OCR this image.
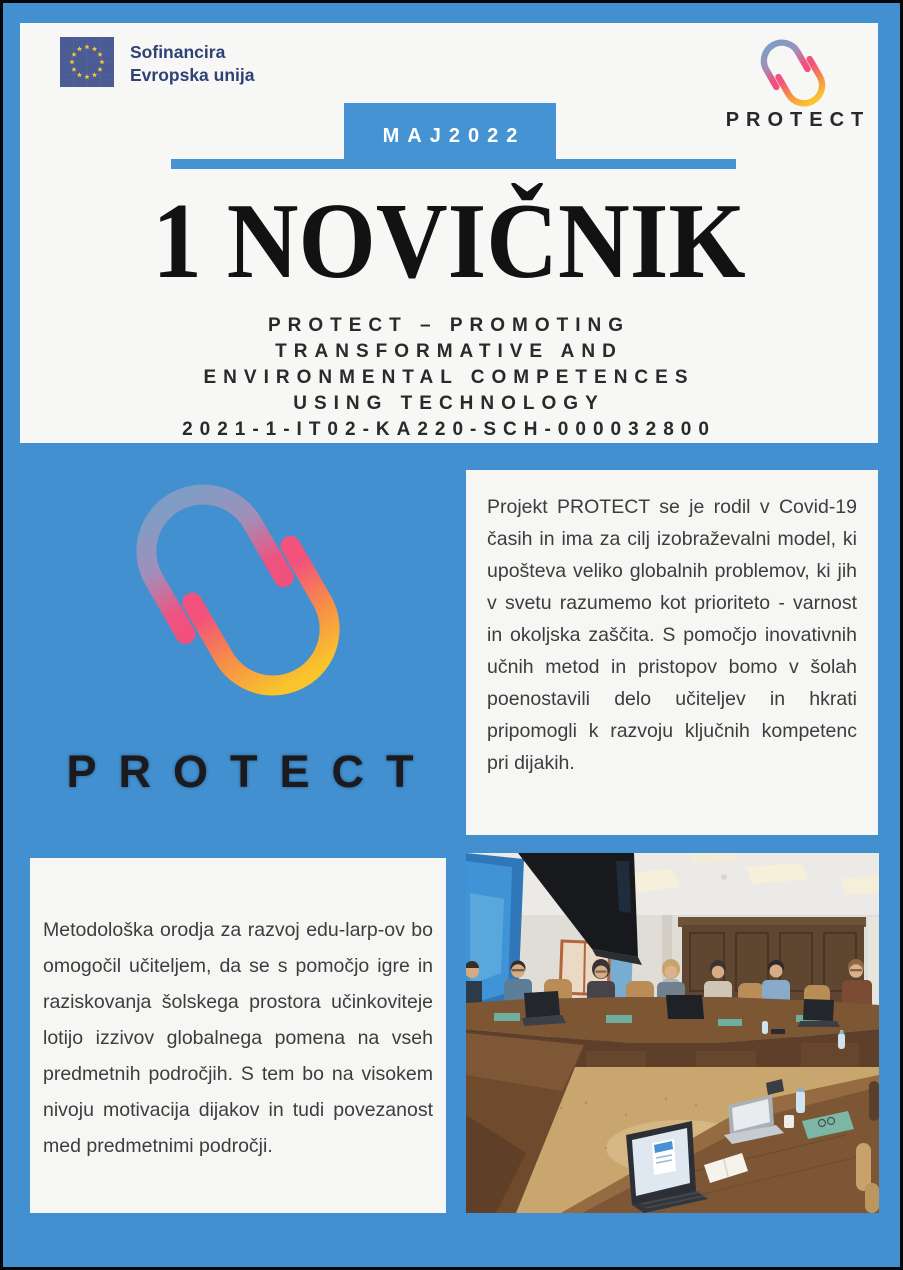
Sofinancira
Evropska unija
PROTECT
MAJ2022
1 NOVIČNIK
PROTECT – PROMOTING
TRANSFORMATIVE AND
ENVIRONMENTAL COMPETENCES
USING TECHNOLOGY
2021-1-IT02-KA220-SCH-000032800
PROTECT
Projekt PROTECT se je rodil v Covid-19 časih in ima za cilj izobraževalni model, ki upošteva veliko globalnih problemov, ki jih v svetu razumemo kot prioriteto - varnost in okoljska zaščita. S pomočjo inovativnih učnih metod in pristopov bomo v šolah poenostavili delo učiteljev in hkrati pripomogli k razvoju ključnih kompetenc pri dijakih.
Metodološka orodja za razvoj edu-larp-ov bo omogočil učiteljem, da se s pomočjo igre in raziskovanja šolskega prostora učinkoviteje lotijo izzivov globalnega pomena na vseh predmetnih področjih. S tem bo na visokem nivoju motivacija dijakov in tudi povezanost med predmetnimi področji.
